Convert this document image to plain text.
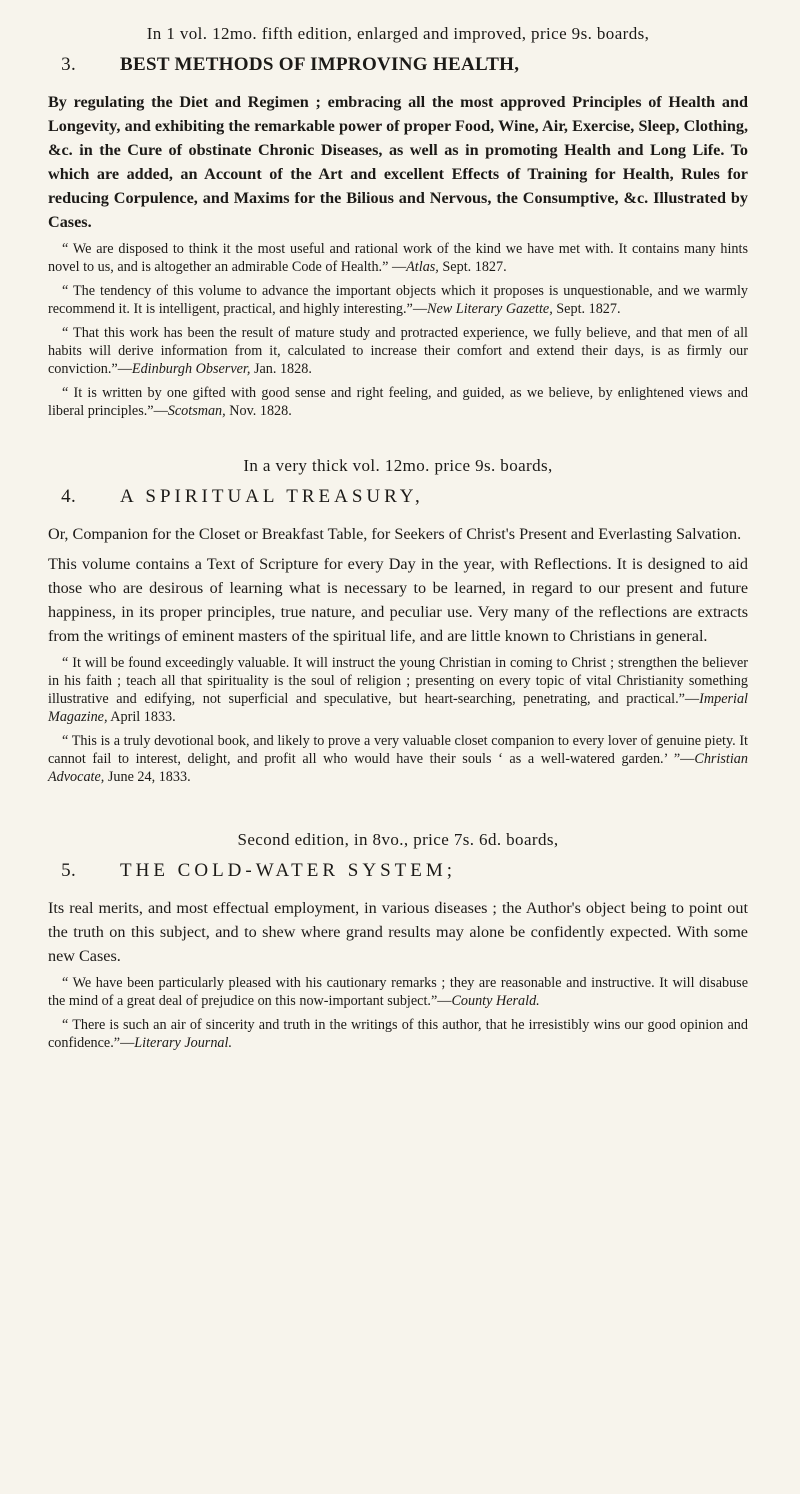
In 1 vol. 12mo. fifth edition, enlarged and improved, price 9s. boards,

3. BEST METHODS OF IMPROVING HEALTH,

By regulating the Diet and Regimen ; embracing all the most approved Principles of Health and Longevity, and exhibiting the remarkable power of proper Food, Wine, Air, Exercise, Sleep, Clothing, &c. in the Cure of obstinate Chronic Diseases, as well as in promoting Health and Long Life. To which are added, an Account of the Art and excellent Effects of Training for Health, Rules for reducing Corpulence, and Maxims for the Bilious and Nervous, the Consumptive, &c. Illustrated by Cases.

“ We are disposed to think it the most useful and rational work of the kind we have met with. It contains many hints novel to us, and is altogether an admirable Code of Health.” —Atlas, Sept. 1827.

“ The tendency of this volume to advance the important objects which it proposes is unquestionable, and we warmly recommend it. It is intelligent, practical, and highly interesting.”—New Literary Gazette, Sept. 1827.

“ That this work has been the result of mature study and protracted experience, we fully believe, and that men of all habits will derive information from it, calculated to increase their comfort and extend their days, is as firmly our conviction.”—Edinburgh Observer, Jan. 1828.

“ It is written by one gifted with good sense and right feeling, and guided, as we believe, by enlightened views and liberal principles.”—Scotsman, Nov. 1828.

In a very thick vol. 12mo. price 9s. boards,

4. A SPIRITUAL TREASURY,

Or, Companion for the Closet or Breakfast Table, for Seekers of Christ's Present and Everlasting Salvation.

This volume contains a Text of Scripture for every Day in the year, with Reflections. It is designed to aid those who are desirous of learning what is necessary to be learned, in regard to our present and future happiness, in its proper principles, true nature, and peculiar use. Very many of the reflections are extracts from the writings of eminent masters of the spiritual life, and are little known to Christians in general.

“ It will be found exceedingly valuable. It will instruct the young Christian in coming to Christ ; strengthen the believer in his faith ; teach all that spirituality is the soul of religion ; presenting on every topic of vital Christianity something illustrative and edifying, not superficial and speculative, but heart-searching, penetrating, and practical.”—Imperial Magazine, April 1833.

“ This is a truly devotional book, and likely to prove a very valuable closet companion to every lover of genuine piety. It cannot fail to interest, delight, and profit all who would have their souls ‘ as a well-watered garden.’ ”—Christian Advocate, June 24, 1833.

Second edition, in 8vo., price 7s. 6d. boards,

5. THE COLD-WATER SYSTEM;

Its real merits, and most effectual employment, in various diseases ; the Author's object being to point out the truth on this subject, and to shew where grand results may alone be confidently expected. With some new Cases.

“ We have been particularly pleased with his cautionary remarks ; they are reasonable and instructive. It will disabuse the mind of a great deal of prejudice on this now-important subject.”—County Herald.

“ There is such an air of sincerity and truth in the writings of this author, that he irresistibly wins our good opinion and confidence.”—Literary Journal.
